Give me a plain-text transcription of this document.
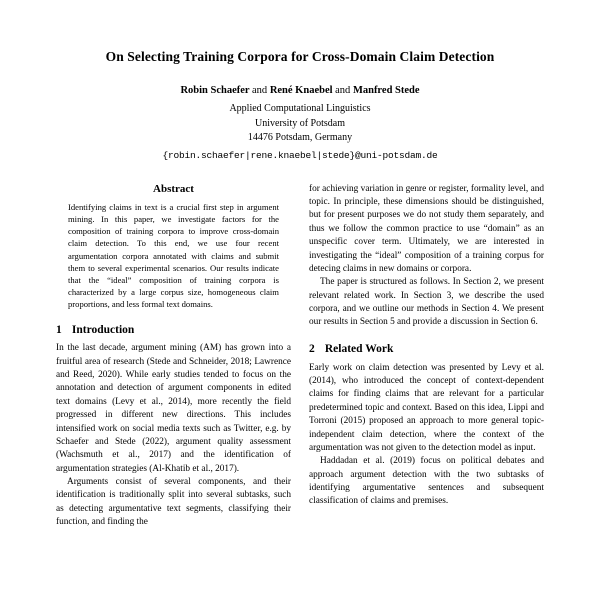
On Selecting Training Corpora for Cross-Domain Claim Detection
Robin Schaefer and René Knaebel and Manfred Stede
Applied Computational Linguistics
University of Potsdam
14476 Potsdam, Germany
{robin.schaefer|rene.knaebel|stede}@uni-potsdam.de
Abstract

Identifying claims in text is a crucial first step in argument mining. In this paper, we investigate factors for the composition of training corpora to improve cross-domain claim detection. To this end, we use four recent argumentation corpora annotated with claims and submit them to several experimental scenarios. Our results indicate that the “ideal” composition of training corpora is characterized by a large corpus size, homogeneous claim proportions, and less formal text domains.

1 Introduction

In the last decade, argument mining (AM) has grown into a fruitful area of research (Stede and Schneider, 2018; Lawrence and Reed, 2020). While early studies tended to focus on the annotation and detection of argument components in edited text domains (Levy et al., 2014), more recently the field progressed in different new directions. This includes intensified work on social media texts such as Twitter, e.g. by Schaefer and Stede (2022), argument quality assessment (Wachsmuth et al., 2017) and the identification of argumentation strategies (Al-Khatib et al., 2017).

Arguments consist of several components, and their identification is traditionally split into several subtasks, such as detecting argumentative text segments, classifying their function, and finding the

for achieving variation in genre or register, formality level, and topic. In principle, these dimensions should be distinguished, but for present purposes we do not study them separately, and thus we follow the common practice to use “domain” as an unspecific cover term. Ultimately, we are interested in investigating the “ideal” composition of a training corpus for detecing claims in new domains or corpora.

The paper is structured as follows. In Section 2, we present relevant related work. In Section 3, we describe the used corpora, and we outline our methods in Section 4. We present our results in Section 5 and provide a discussion in Section 6.

2 Related Work

Early work on claim detection was presented by Levy et al. (2014), who introduced the concept of context-dependent claims for finding claims that are relevant for a particular predetermined topic and context. Based on this idea, Lippi and Torroni (2015) proposed an approach to more general topic-independent claim detection, where the context of the argumentation was not given to the detection model as input.

Haddadan et al. (2019) focus on political debates and approach argument detection with the two subtasks of identifying argumentative sentences and subsequent classification of claims and premises.
